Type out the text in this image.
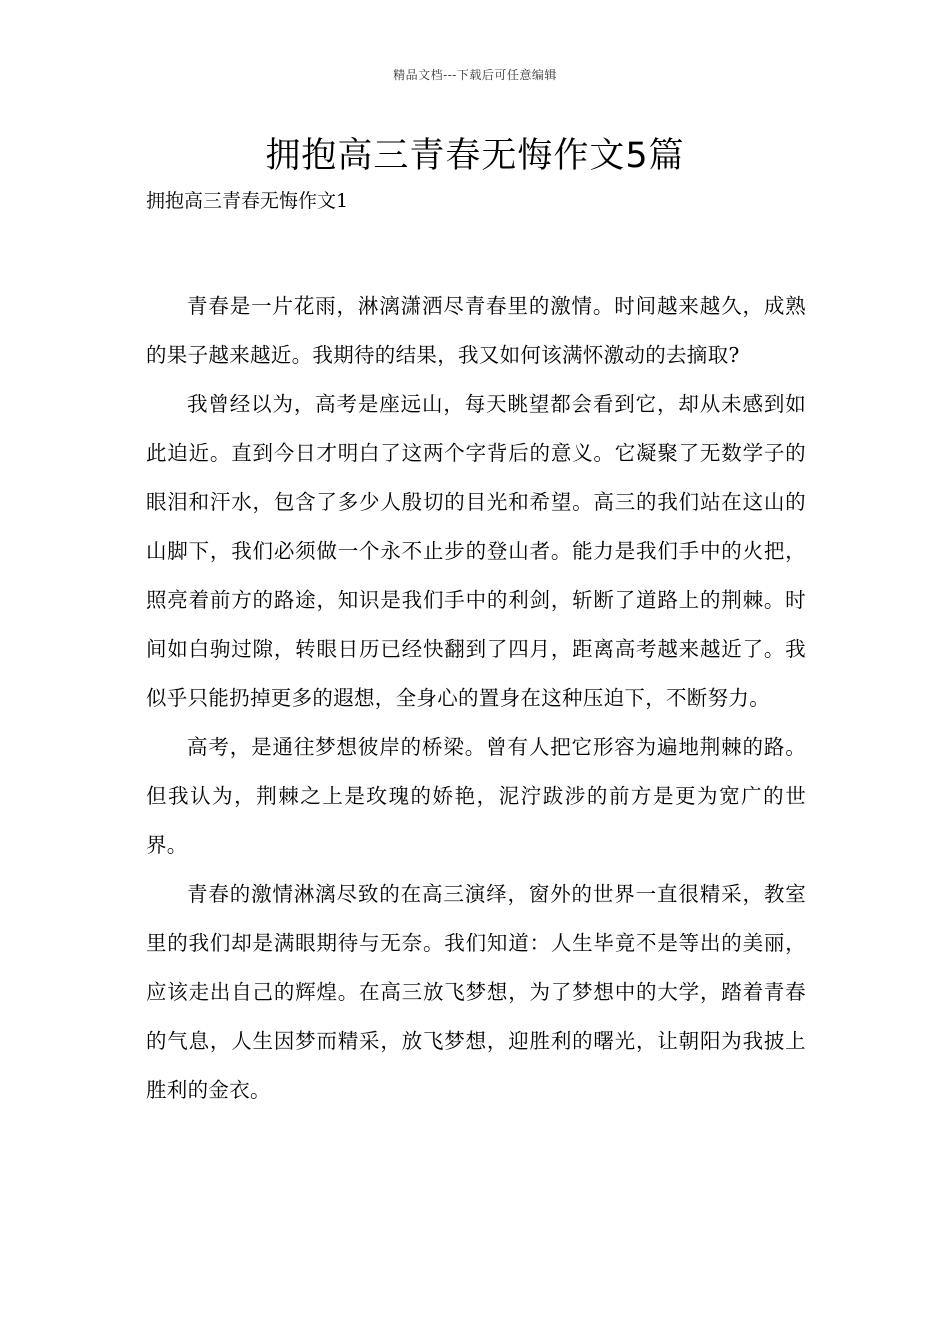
精品文档---下载后可任意编辑
拥抱高三青春无悔作文5篇

拥抱高三青春无悔作文1

青春是一片花雨，淋漓潇洒尽青春里的激情。时间越来越久，成熟的果子越来越近。我期待的结果，我又如何该满怀激动的去摘取?

我曾经以为，高考是座远山，每天眺望都会看到它，却从未感到如此迫近。直到今日才明白了这两个字背后的意义。它凝聚了无数学子的眼泪和汗水，包含了多少人殷切的目光和希望。高三的我们站在这山的山脚下，我们必须做一个永不止步的登山者。能力是我们手中的火把，照亮着前方的路途，知识是我们手中的利剑，斩断了道路上的荆棘。时间如白驹过隙，转眼日历已经快翻到了四月，距离高考越来越近了。我似乎只能扔掉更多的遐想，全身心的置身在这种压迫下，不断努力。

高考，是通往梦想彼岸的桥梁。曾有人把它形容为遍地荆棘的路。但我认为，荆棘之上是玫瑰的娇艳，泥泞跋涉的前方是更为宽广的世界。

青春的激情淋漓尽致的在高三演绎，窗外的世界一直很精采，教室里的我们却是满眼期待与无奈。我们知道：人生毕竟不是等出的美丽，应该走出自己的辉煌。在高三放飞梦想，为了梦想中的大学，踏着青春的气息，人生因梦而精采，放飞梦想，迎胜利的曙光，让朝阳为我披上胜利的金衣。
